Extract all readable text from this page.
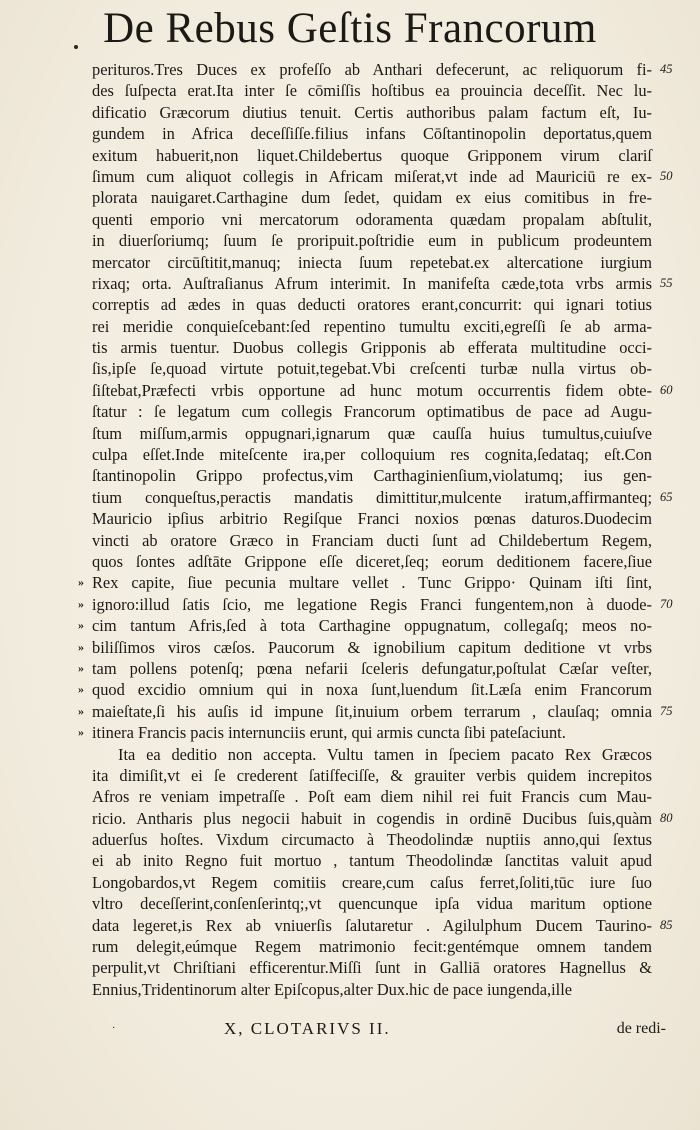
De Rebus Geſtis Francorum
perituros.Tres Duces ex profeſſo ab Anthari defecerunt, ac reliquorum fi- 45
des ſuſpecta erat.Ita inter ſe cōmiſſis hoſtibus ea prouincia deceſſit. Nec lu-
dificatio Græcorum diutius tenuit. Certis authoribus palam factum eſt, Iu-
gundem in Africa deceſſiſſe.filius infans Cōſtantinopolin deportatus,quem
exitum habuerit,non liquet.Childebertus quoque Gripponem virum clariſ
ſimum cum aliquot collegis in Africam miſerat,vt inde ad Mauriciū re ex- 50
plorata nauigaret.Carthagine dum ſedet, quidam ex eius comitibus in fre-
quenti emporio vni mercatorum odoramenta quædam propalam abſtulit,
in diuerſoriumq; ſuum ſe proripuit.poſtridie eum in publicum prodeuntem
mercator circūſtitit,manuq; iniecta ſuum repetebat.ex altercatione iurgium
rixaq; orta. Auſtraſianus Afrum interimit. In manifeſta cæde,tota vrbs armis 55
correptis ad ædes in quas deducti oratores erant,concurrit: qui ignari totius
rei meridie conquieſcebant:ſed repentino tumultu exciti,egreſſi ſe ab arma-
tis armis tuentur. Duobus collegis Gripponis ab efferata multitudine occi-
ſis,ipſe ſe,quoad virtute potuit,tegebat.Vbi creſcenti turbæ nulla virtus ob-
ſiſtebat,Præfecti vrbis opportune ad hunc motum occurrentis fidem obte- 60
ſtatur : ſe legatum cum collegis Francorum optimatibus de pace ad Augu-
ſtum miſſum,armis oppugnari,ignarum quæ cauſſa huius tumultus,cuiuſve
culpa eſſet.Inde miteſcente ira,per colloquium res cognita,ſedataq; eſt.Con
ſtantinopolin Grippo profectus,vim Carthaginienſium,violatumq; ius gen-
tium conqueſtus,peractis mandatis dimittitur,mulcente iratum,affirmanteq; 65
Mauricio ipſius arbitrio Regiſque Franci noxios pœnas daturos.Duodecim
vincti ab oratore Græco in Franciam ducti ſunt ad Childebertum Regem,
quos ſontes adſtāte Grippone eſſe diceret,ſeq; eorum deditionem facere,ſiue
» Rex capite, ſiue pecunia multare vellet . Tunc Grippo· Quinam iſti ſint,
» ignoro:illud ſatis ſcio, me legatione Regis Franci fungentem,non à duode- 70
» cim tantum Afris,ſed à tota Carthagine oppugnatum, collegaſq; meos no-
» biliſſimos viros cæſos. Paucorum & ignobilium capitum deditione vt vrbs
» tam pollens potenſq; pœna nefarii ſceleris defungatur,poſtulat Cæſar veſter,
» quod excidio omnium qui in noxa ſunt,luendum ſit.Læſa enim Francorum
» maieſtate,ſi his auſis id impune ſit,inuium orbem terrarum , clauſaq; omnia 75
» itinera Francis pacis internunciis erunt, qui armis cuncta ſibi pateſaciunt.
Ita ea deditio non accepta. Vultu tamen in ſpeciem pacato Rex Græcos
ita dimiſit,vt ei ſe crederent ſatiſfeciſſe, & grauiter verbis quidem increpitos
Afros re veniam impetraſſe . Poſt eam diem nihil rei fuit Francis cum Mau-
ricio. Antharis plus negocii habuit in cogendis in ordinē Ducibus ſuis,quàm 80
aduerſus hoſtes. Vixdum circumacto à Theodolindæ nuptiis anno,qui ſextus
ei ab inito Regno fuit mortuo , tantum Theodolindæ ſanctitas valuit apud
Longobardos,vt Regem comitiis creare,cum caſus ferret,ſoliti,tūc iure ſuo
vltro deceſſerint,conſenſerintq;,vt quencunque ipſa vidua maritum optione
data legeret,is Rex ab vniuerſis ſalutaretur . Agilulphum Ducem Taurino- 85
rum delegit,eúmque Regem matrimonio fecit:gentémque omnem tandem
perpulit,vt Chriſtiani efficerentur.Miſſi ſunt in Galliā oratores Hagnellus &
Ennius,Tridentinorum alter Epiſcopus,alter Dux.hic de pace iungenda,ille
·	X, CLOTARIVS II.	de redi-
